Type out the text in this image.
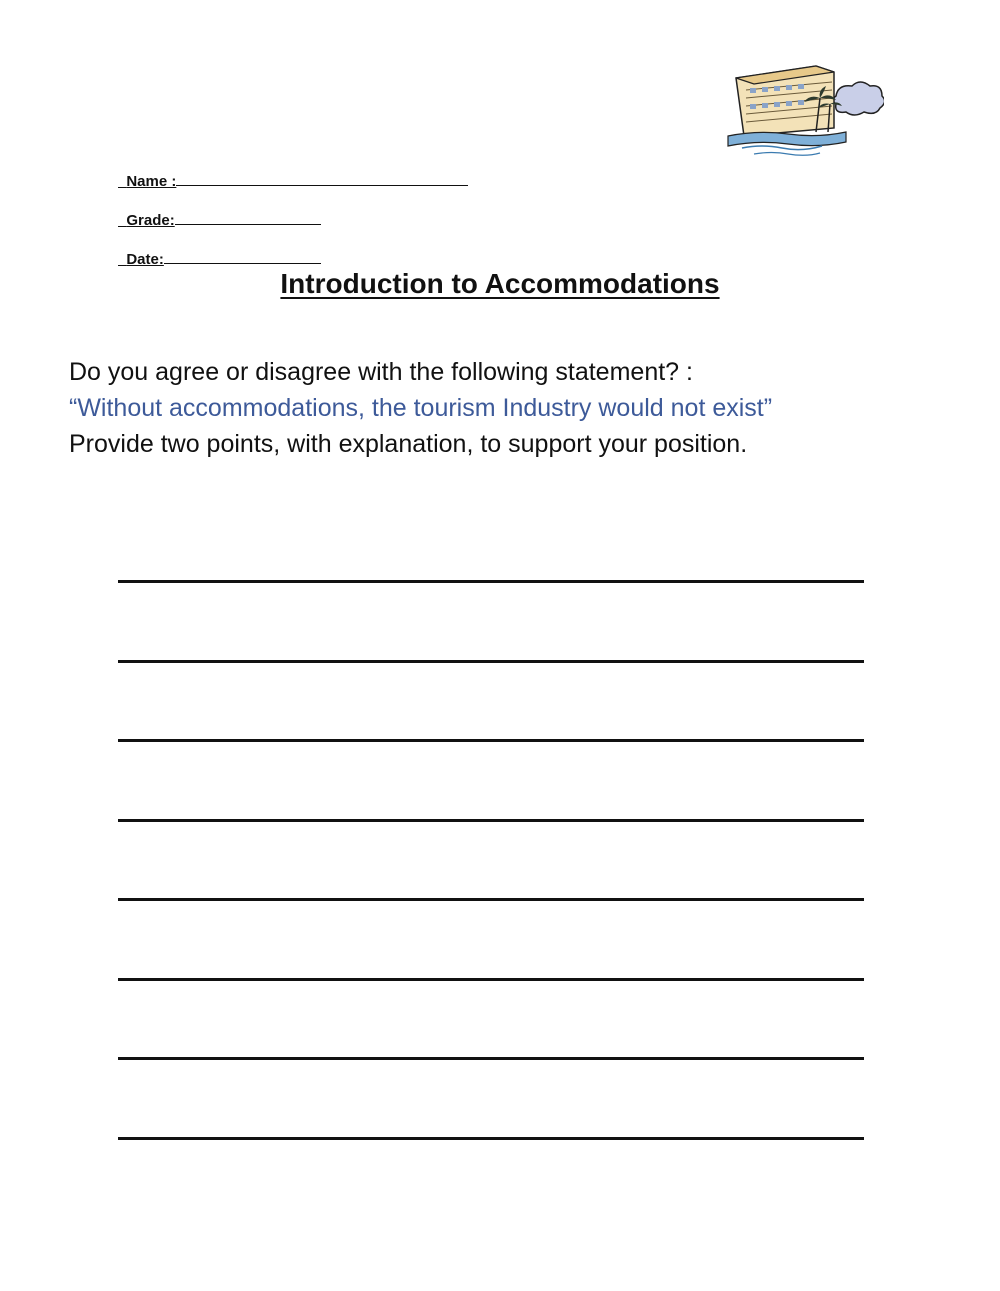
Name :

Grade:

Date:

Introduction to Accommodations
Do you agree or disagree with the following statement? :
“Without accommodations, the tourism Industry would not exist”
Provide two points, with explanation, to support your position.
